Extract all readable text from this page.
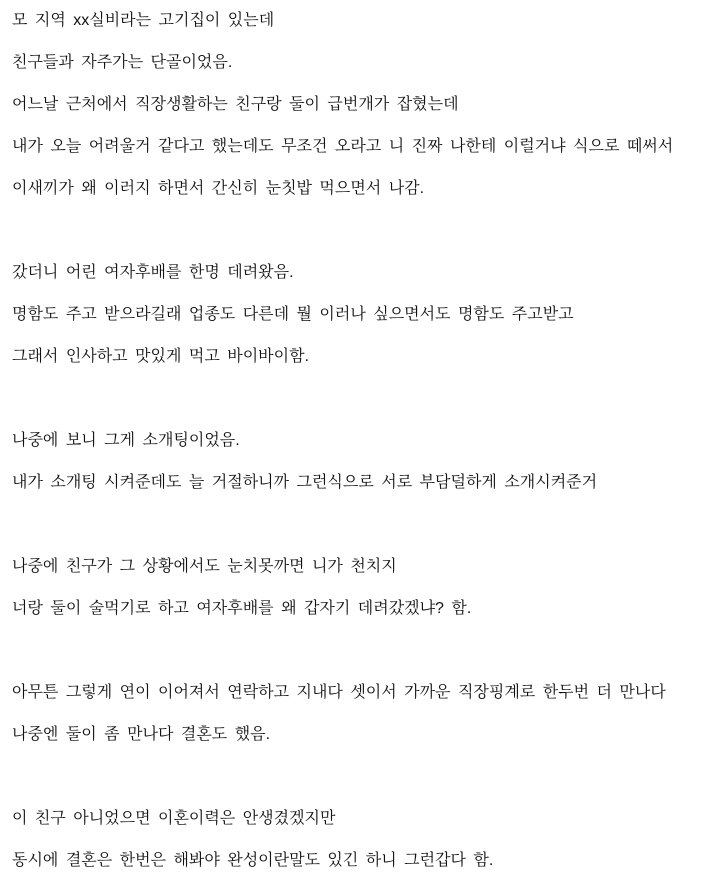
모 지역 xx실비라는 고기집이 있는데
친구들과 자주가는 단골이었음.
어느날 근처에서 직장생활하는 친구랑 둘이 급번개가 잡혔는데
내가 오늘 어려울거 같다고 했는데도 무조건 오라고 니 진짜 나한테 이럴거냐 식으로 떼써서
이새끼가 왜 이러지 하면서 간신히 눈칫밥 먹으면서 나감.

갔더니 어린 여자후배를 한명 데려왔음.
명함도 주고 받으라길래 업종도 다른데 뭘 이러나 싶으면서도 명함도 주고받고
그래서 인사하고 맛있게 먹고 바이바이함.

나중에 보니 그게 소개팅이었음.
내가 소개팅 시켜준데도 늘 거절하니까 그런식으로 서로 부담덜하게 소개시켜준거

나중에 친구가 그 상황에서도 눈치못까면 니가 천치지
너랑 둘이 술먹기로 하고 여자후배를 왜 갑자기 데려갔겠냐? 함.

아무튼 그렇게 연이 이어져서 연락하고 지내다 셋이서 가까운 직장핑계로 한두번 더 만나다
나중엔 둘이 좀 만나다 결혼도 했음.

이 친구 아니었으면 이혼이력은 안생겼겠지만
동시에 결혼은 한번은 해봐야 완성이란말도 있긴 하니 그런갑다 함.
